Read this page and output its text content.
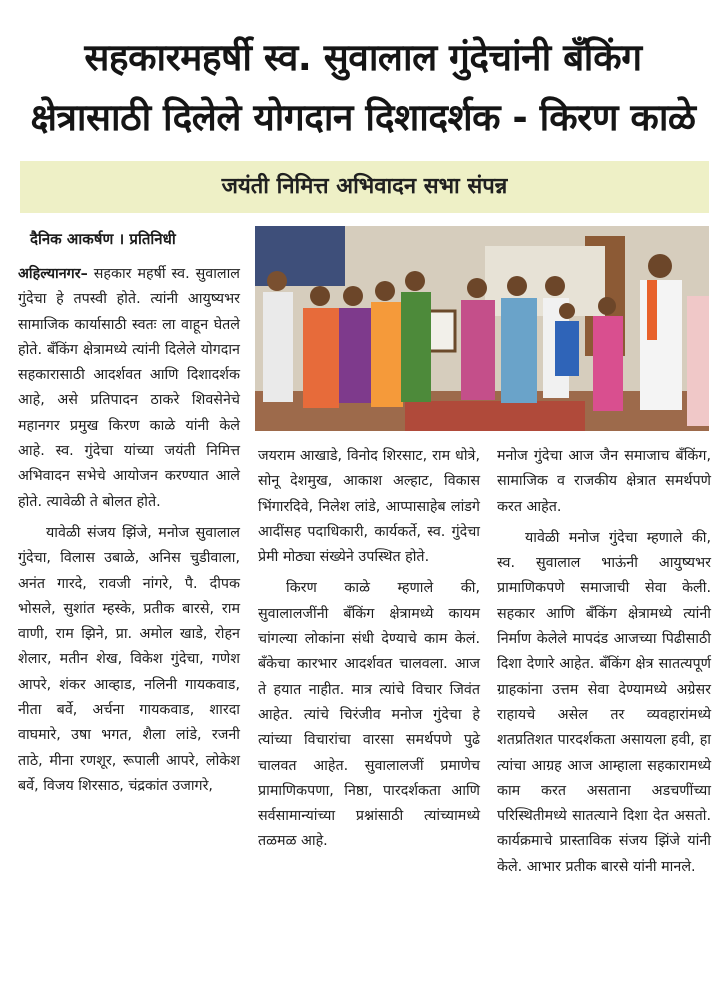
सहकारमहर्षी स्व. सुवालाल गुंदेचांनी बँकिंग
क्षेत्रासाठी दिलेले योगदान दिशादर्शक - किरण काळे
जयंती निमित्त अभिवादन सभा संपन्न
दैनिक आकर्षण । प्रतिनिधी

अहिल्यानगर– सहकार महर्षी स्व. सुवालाल गुंदेचा हे तपस्वी होते. त्यांनी आयुष्यभर सामाजिक कार्यासाठी स्वतः ला वाहून घेतले होते. बँकिंग क्षेत्रामध्ये त्यांनी दिलेले योगदान सहकारासाठी आदर्शवत आणि दिशादर्शक आहे, असे प्रतिपादन ठाकरे शिवसेनेचे महानगर प्रमुख किरण काळे यांनी केले आहे. स्व. गुंदेचा यांच्या जयंती निमित्त अभिवादन सभेचे आयोजन करण्यात आले होते. त्यावेळी ते बोलत होते.

यावेळी संजय झिंजे, मनोज सुवालाल गुंदेचा, विलास उबाळे, अनिस चुडीवाला, अनंत गारदे, रावजी नांगरे, पै. दीपक भोसले, सुशांत म्हस्के, प्रतीक बारसे, राम वाणी, राम झिने, प्रा. अमोल खाडे, रोहन शेलार, मतीन शेख, विकेश गुंदेचा, गणेश आपरे, शंकर आव्हाड, नलिनी गायकवाड, नीता बर्वे, अर्चना गायकवाड, शारदा वाघमारे, उषा भगत, शैला लांडे, रजनी ताठे, मीना रणशूर, रूपाली आपरे, लोकेश बर्वे, विजय शिरसाठ, चंद्रकांत उजागरे,

जयराम आखाडे, विनोद शिरसाट, राम धोत्रे, सोनू देशमुख, आकाश अल्हाट, विकास भिंगारदिवे, निलेश लांडे, आप्पासाहेब लांडगे आदींसह पदाधिकारी, कार्यकर्ते, स्व. गुंदेचा प्रेमी मोठ्या संख्येने उपस्थित होते.

किरण काळे म्हणाले की, सुवालालजींनी बँकिंग क्षेत्रामध्ये कायम चांगल्या लोकांना संधी देण्याचे काम केलं. बँकेचा कारभार आदर्शवत चालवला. आज ते हयात नाहीत. मात्र त्यांचे विचार जिवंत आहेत. त्यांचे चिरंजीव मनोज गुंदेचा हे त्यांच्या विचारांचा वारसा समर्थपणे पुढे चालवत आहेत. सुवालालजीं प्रमाणेच प्रामाणिकपणा, निष्ठा, पारदर्शकता आणि सर्वसामान्यांच्या प्रश्नांसाठी त्यांच्यामध्ये तळमळ आहे.

मनोज गुंदेचा आज जैन समाजाच बँकिंग, सामाजिक व राजकीय क्षेत्रात समर्थपणे करत आहेत.

यावेळी मनोज गुंदेचा म्हणाले की, स्व. सुवालाल भाऊंनी आयुष्यभर प्रामाणिकपणे समाजाची सेवा केली. सहकार आणि बँकिंग क्षेत्रामध्ये त्यांनी निर्माण केलेले मापदंड आजच्या पिढीसाठी दिशा देणारे आहेत. बँकिंग क्षेत्र सातत्यपूर्ण ग्राहकांना उत्तम सेवा देण्यामध्ये अग्रेसर राहायचे असेल तर व्यवहारांमध्ये शतप्रतिशत पारदर्शकता असायला हवी, हा त्यांचा आग्रह आज आम्हाला सहकारामध्ये काम करत असताना अडचणींच्या परिस्थितीमध्ये सातत्याने दिशा देत असतो. कार्यक्रमाचे प्रास्ताविक संजय झिंजे यांनी केले. आभार प्रतीक बारसे यांनी मानले.
